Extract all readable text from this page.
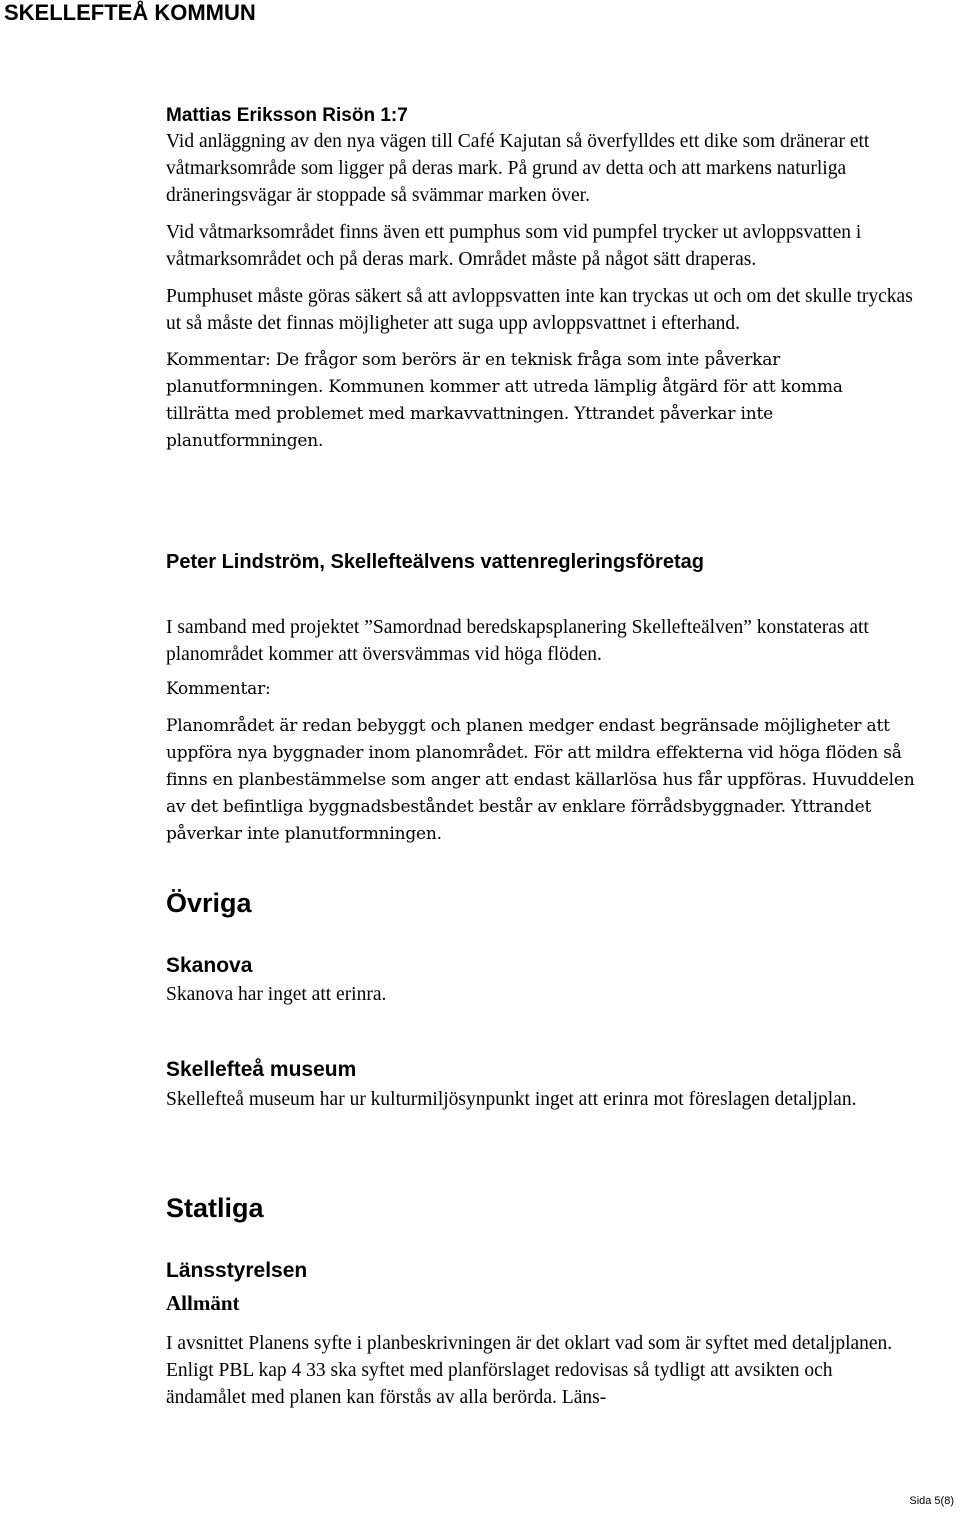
SKELLEFTEÅ KOMMUN
Mattias Eriksson Risön 1:7

Vid anläggning av den nya vägen till Café Kajutan så överfylldes ett dike som dränerar ett våtmarksområde som ligger på deras mark. På grund av detta och att markens naturliga dräneringsvägar är stoppade så svämmar marken över.

Vid våtmarksområdet finns även ett pumphus som vid pumpfel trycker ut avloppsvatten i våtmarksområdet och på deras mark. Området måste på något sätt draperas.

Pumphuset måste göras säkert så att avloppsvatten inte kan tryckas ut och om det skulle tryckas ut så måste det finnas möjligheter att suga upp avloppsvattnet i efterhand.

Kommentar: De frågor som berörs är en teknisk fråga som inte påverkar planutformningen. Kommunen kommer att utreda lämplig åtgärd för att komma tillrätta med problemet med markavvattningen. Yttrandet påverkar inte planutformningen.

Peter Lindström, Skellefteälvens vattenregleringsföretag

I samband med projektet ”Samordnad beredskapsplanering Skellefteälven” konstateras att planområdet kommer att översvämmas vid höga flöden.

Kommentar:

Planområdet är redan bebyggt och planen medger endast begränsade möjligheter att uppföra nya byggnader inom planområdet. För att mildra effekterna vid höga flöden så finns en planbestämmelse som anger att endast källarlösa hus får uppföras. Huvuddelen av det befintliga byggnadsbeståndet består av enklare förrådsbyggnader. Yttrandet påverkar inte planutformningen.

Övriga
Skanova

Skanova har inget att erinra.

Skellefteå museum

Skellefteå museum har ur kulturmiljösynpunkt inget att erinra mot föreslagen detaljplan.

Statliga
Länsstyrelsen
Allmänt

I avsnittet Planens syfte i planbeskrivningen är det oklart vad som är syftet med detaljplanen. Enligt PBL kap 4 33 ska syftet med planförslaget redovisas så tydligt att avsikten och ändamålet med planen kan förstås av alla berörda. Läns-

Sida 5(8)
